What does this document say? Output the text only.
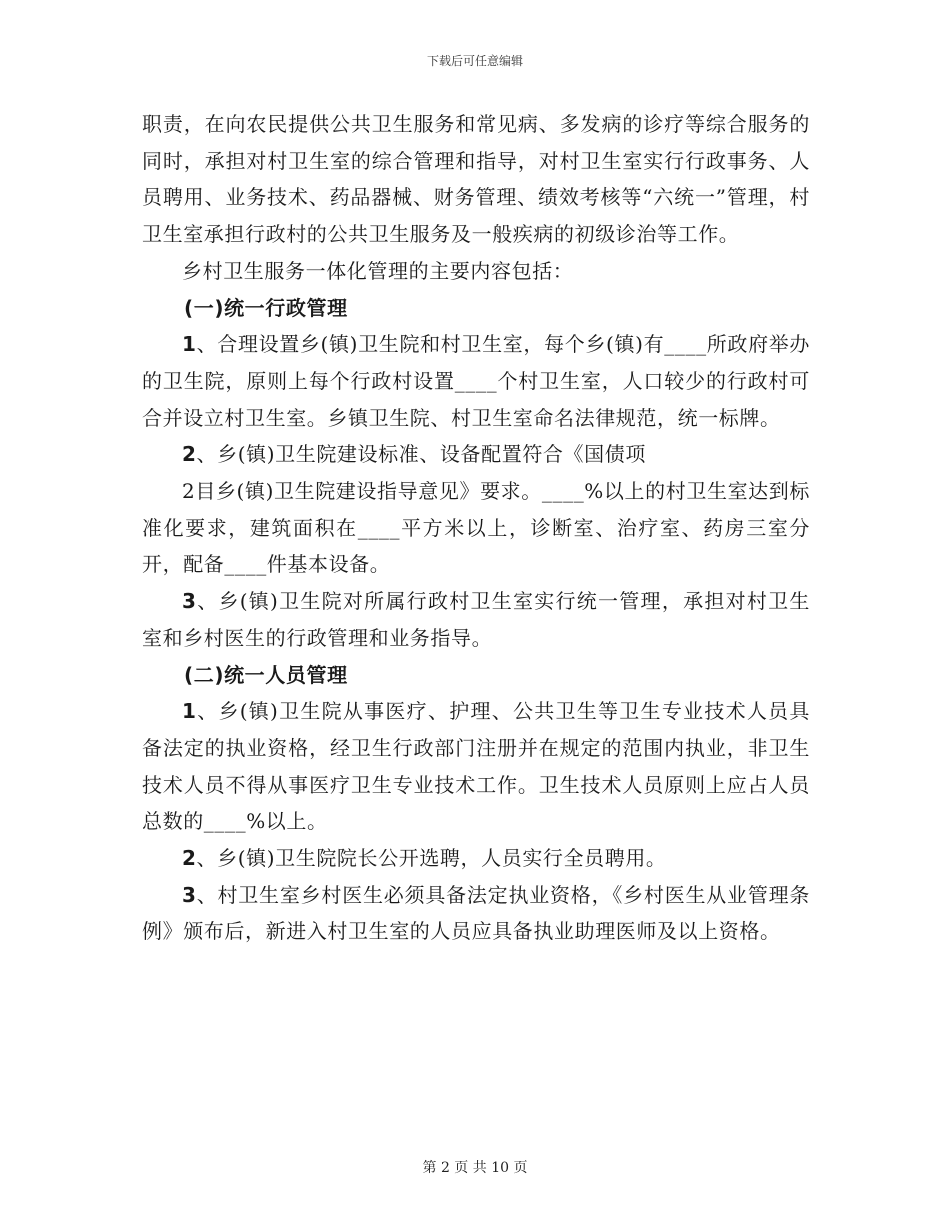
下载后可任意编辑

职责，在向农民提供公共卫生服务和常见病、多发病的诊疗等综合服务的同时，承担对村卫生室的综合管理和指导，对村卫生室实行行政事务、人员聘用、业务技术、药品器械、财务管理、绩效考核等“六统一”管理，村卫生室承担行政村的公共卫生服务及一般疾病的初级诊治等工作。

乡村卫生服务一体化管理的主要内容包括：

(一)统一行政管理

1、合理设置乡(镇)卫生院和村卫生室，每个乡(镇)有____所政府举办的卫生院，原则上每个行政村设置____个村卫生室，人口较少的行政村可合并设立村卫生室。乡镇卫生院、村卫生室命名法律规范，统一标牌。

2、乡(镇)卫生院建设标准、设备配置符合《国债项

2目乡(镇)卫生院建设指导意见》要求。____%以上的村卫生室达到标准化要求，建筑面积在____平方米以上，诊断室、治疗室、药房三室分开，配备____件基本设备。

3、乡(镇)卫生院对所属行政村卫生室实行统一管理，承担对村卫生室和乡村医生的行政管理和业务指导。

(二)统一人员管理

1、乡(镇)卫生院从事医疗、护理、公共卫生等卫生专业技术人员具备法定的执业资格，经卫生行政部门注册并在规定的范围内执业，非卫生技术人员不得从事医疗卫生专业技术工作。卫生技术人员原则上应占人员总数的____%以上。

2、乡(镇)卫生院院长公开选聘，人员实行全员聘用。

3、村卫生室乡村医生必须具备法定执业资格，《乡村医生从业管理条例》颁布后，新进入村卫生室的人员应具备执业助理医师及以上资格。

第 2 页 共 10 页
